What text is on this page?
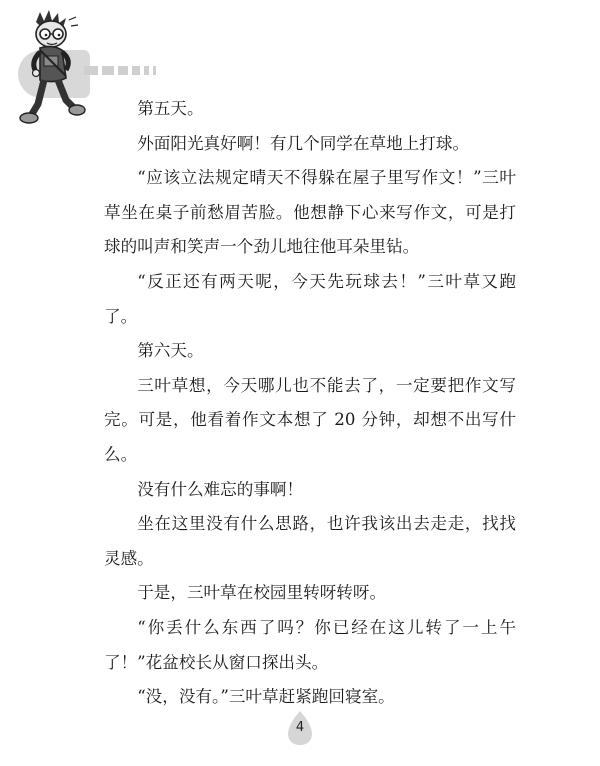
第五天。

外面阳光真好啊！有几个同学在草地上打球。

“应该立法规定晴天不得躲在屋子里写作文！”三叶草坐在桌子前愁眉苦脸。他想静下心来写作文，可是打球的叫声和笑声一个劲儿地往他耳朵里钻。

“反正还有两天呢，今天先玩球去！”三叶草又跑了。

第六天。

三叶草想，今天哪儿也不能去了，一定要把作文写完。可是，他看着作文本想了 20 分钟，却想不出写什么。

没有什么难忘的事啊！

坐在这里没有什么思路，也许我该出去走走，找找灵感。

于是，三叶草在校园里转呀转呀。

“你丢什么东西了吗？你已经在这儿转了一上午了！”花盆校长从窗口探出头。

“没，没有。”三叶草赶紧跑回寝室。

4
